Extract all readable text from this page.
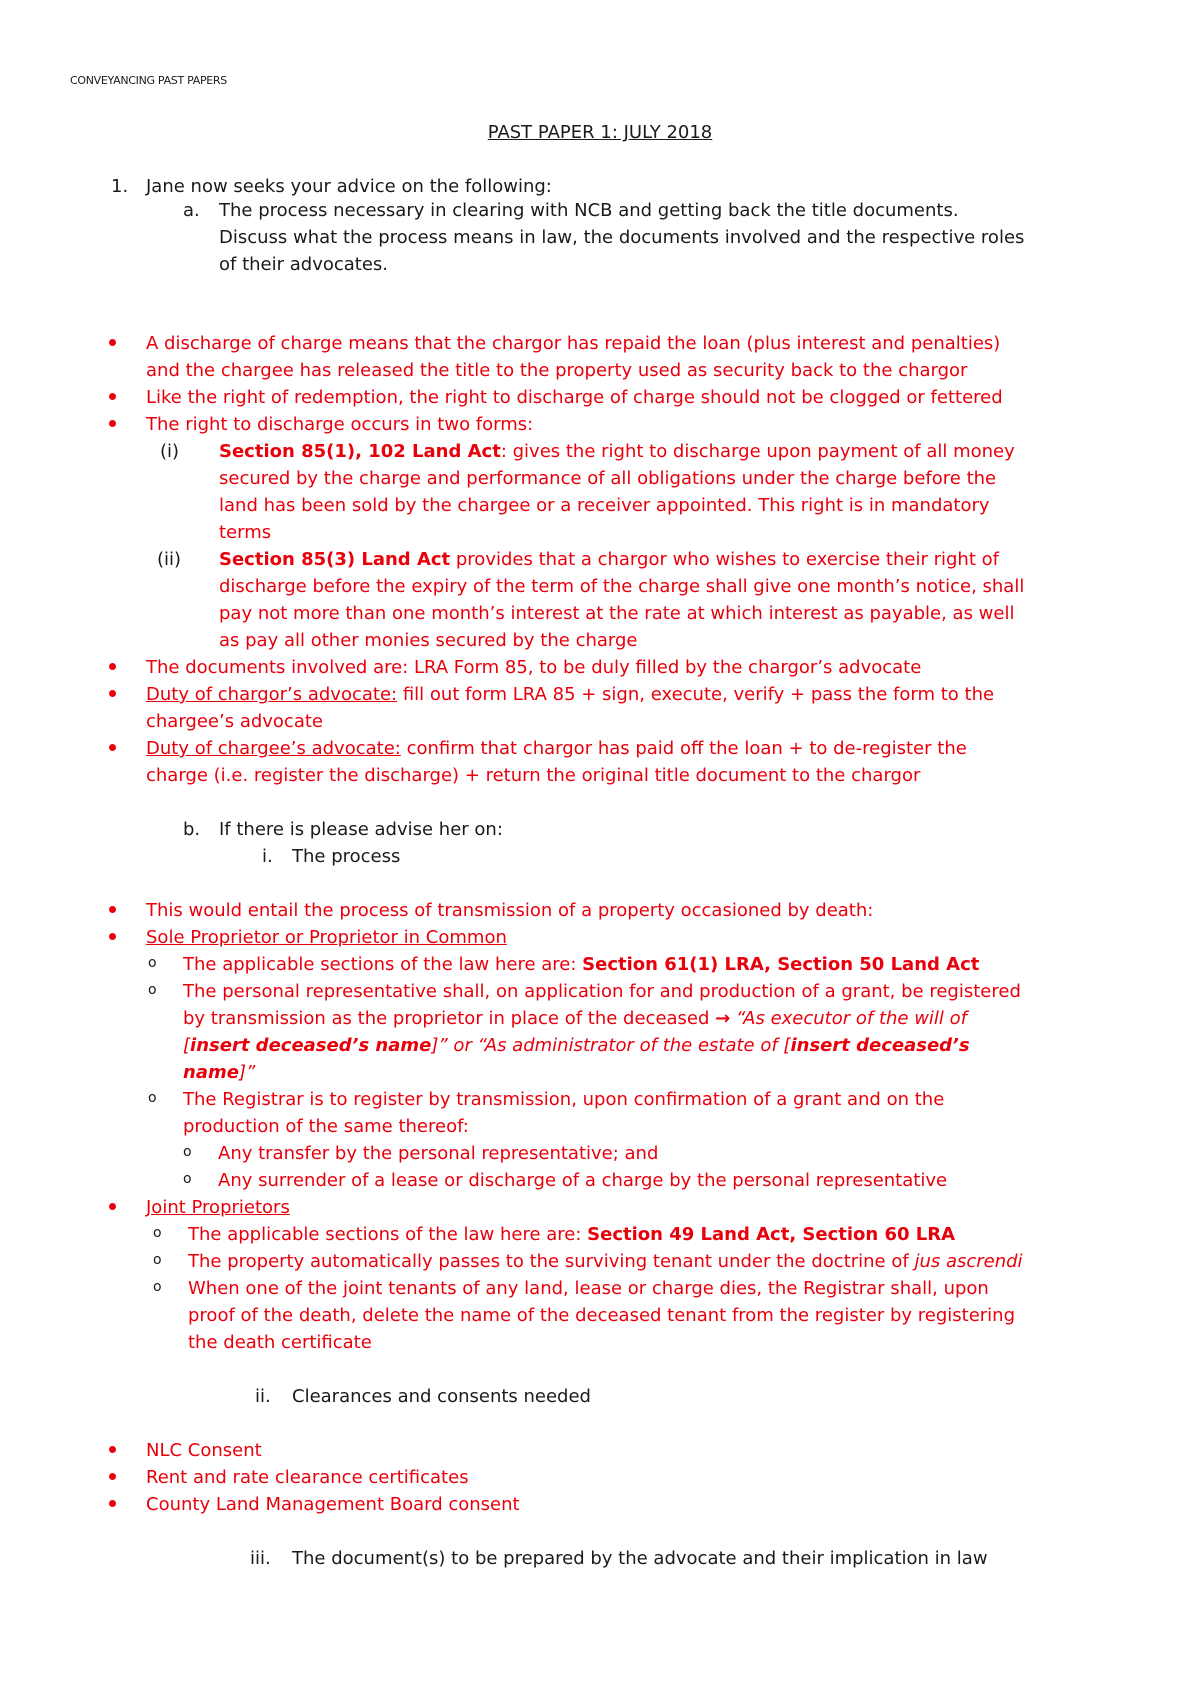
CONVEYANCING PAST PAPERS
PAST PAPER 1: JULY 2018
1. Jane now seeks your advice on the following:
a. The process necessary in clearing with NCB and getting back the title documents.
Discuss what the process means in law, the documents involved and the respective roles
of their advocates.
A discharge of charge means that the chargor has repaid the loan (plus interest and penalties)
and the chargee has released the title to the property used as security back to the chargor
Like the right of redemption, the right to discharge of charge should not be clogged or fettered
The right to discharge occurs in two forms:
(i) Section 85(1), 102 Land Act: gives the right to discharge upon payment of all money
secured by the charge and performance of all obligations under the charge before the
land has been sold by the chargee or a receiver appointed. This right is in mandatory
terms
(ii) Section 85(3) Land Act provides that a chargor who wishes to exercise their right of
discharge before the expiry of the term of the charge shall give one month’s notice, shall
pay not more than one month’s interest at the rate at which interest as payable, as well
as pay all other monies secured by the charge
The documents involved are: LRA Form 85, to be duly filled by the chargor’s advocate
Duty of chargor’s advocate: fill out form LRA 85 + sign, execute, verify + pass the form to the
chargee’s advocate
Duty of chargee’s advocate: confirm that chargor has paid off the loan + to de-register the
charge (i.e. register the discharge) + return the original title document to the chargor
b. If there is please advise her on:
i. The process
This would entail the process of transmission of a property occasioned by death:
Sole Proprietor or Proprietor in Common
o The applicable sections of the law here are: Section 61(1) LRA, Section 50 Land Act
o The personal representative shall, on application for and production of a grant, be registered
by transmission as the proprietor in place of the deceased → “As executor of the will of
[insert deceased’s name]” or “As administrator of the estate of [insert deceased’s
name]”
o The Registrar is to register by transmission, upon confirmation of a grant and on the
production of the same thereof:
o Any transfer by the personal representative; and
o Any surrender of a lease or discharge of a charge by the personal representative
Joint Proprietors
o The applicable sections of the law here are: Section 49 Land Act, Section 60 LRA
o The property automatically passes to the surviving tenant under the doctrine of jus ascrendi
o When one of the joint tenants of any land, lease or charge dies, the Registrar shall, upon
proof of the death, delete the name of the deceased tenant from the register by registering
the death certificate
ii. Clearances and consents needed
NLC Consent
Rent and rate clearance certificates
County Land Management Board consent
iii. The document(s) to be prepared by the advocate and their implication in law
